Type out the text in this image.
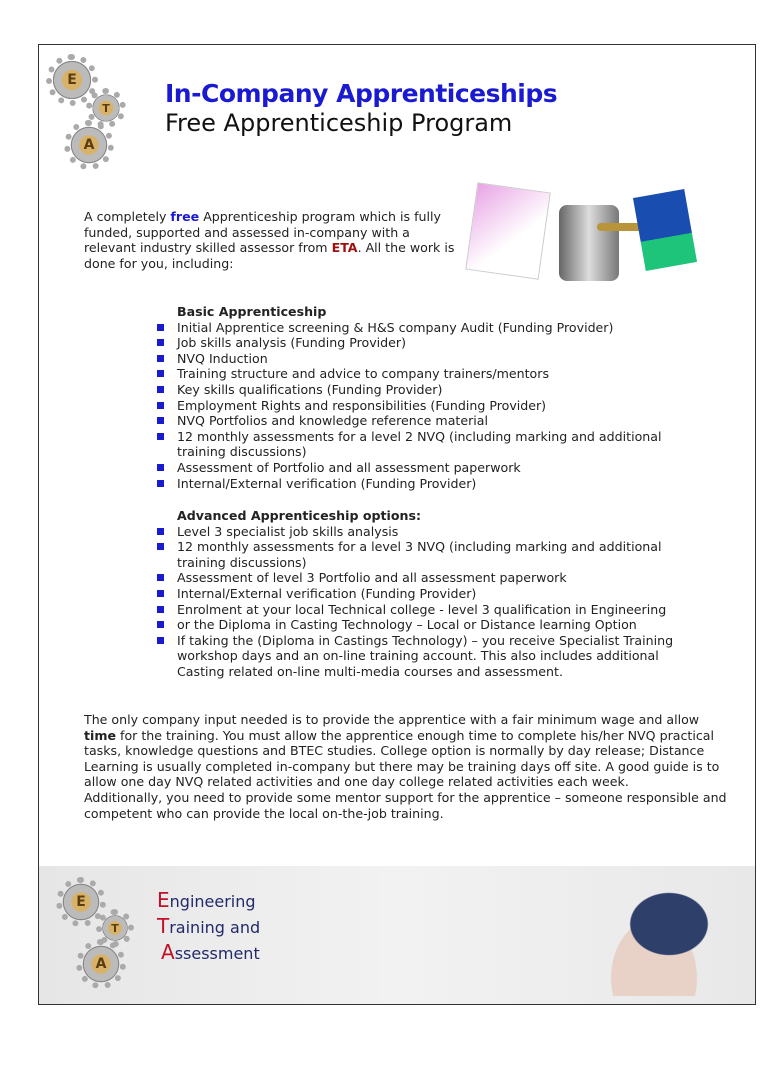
E
T
A
In-Company Apprenticeships
Free Apprenticeship Program
A completely free Apprenticeship program which is fully funded, supported and assessed in-company with a relevant industry skilled assessor from ETA. All the work is done for you, including:
Basic Apprenticeship
Initial Apprentice screening & H&S company Audit (Funding Provider)
Job skills analysis (Funding Provider)
NVQ Induction
Training structure and advice to company trainers/mentors
Key skills qualifications (Funding Provider)
Employment Rights and responsibilities (Funding Provider)
NVQ Portfolios and knowledge reference material
12 monthly assessments for a level 2 NVQ (including marking and additional training discussions)
Assessment of Portfolio and all assessment paperwork
Internal/External verification (Funding Provider)
Advanced Apprenticeship options:
Level 3 specialist job skills analysis
12 monthly assessments for a level 3 NVQ (including marking and additional training discussions)
Assessment of level 3 Portfolio and all assessment paperwork
Internal/External verification (Funding Provider)
Enrolment at your local Technical college - level 3 qualification in Engineering
or the Diploma in Casting Technology – Local or Distance learning Option
If taking the (Diploma in Castings Technology) – you receive Specialist Training workshop days and an on-line training account. This also includes additional Casting related on-line multi-media courses and assessment.
The only company input needed is to provide the apprentice with a fair minimum wage and allow time for the training. You must allow the apprentice enough time to complete his/her NVQ practical tasks, knowledge questions and BTEC studies. College option is normally by day release; Distance Learning is usually completed in-company but there may be training days off site. A good guide is to allow one day NVQ related activities and one day college related activities each week.
Additionally, you need to provide some mentor support for the apprentice – someone responsible and competent who can provide the local on-the-job training.
E
T
A
Engineering
Training and
Assessment
